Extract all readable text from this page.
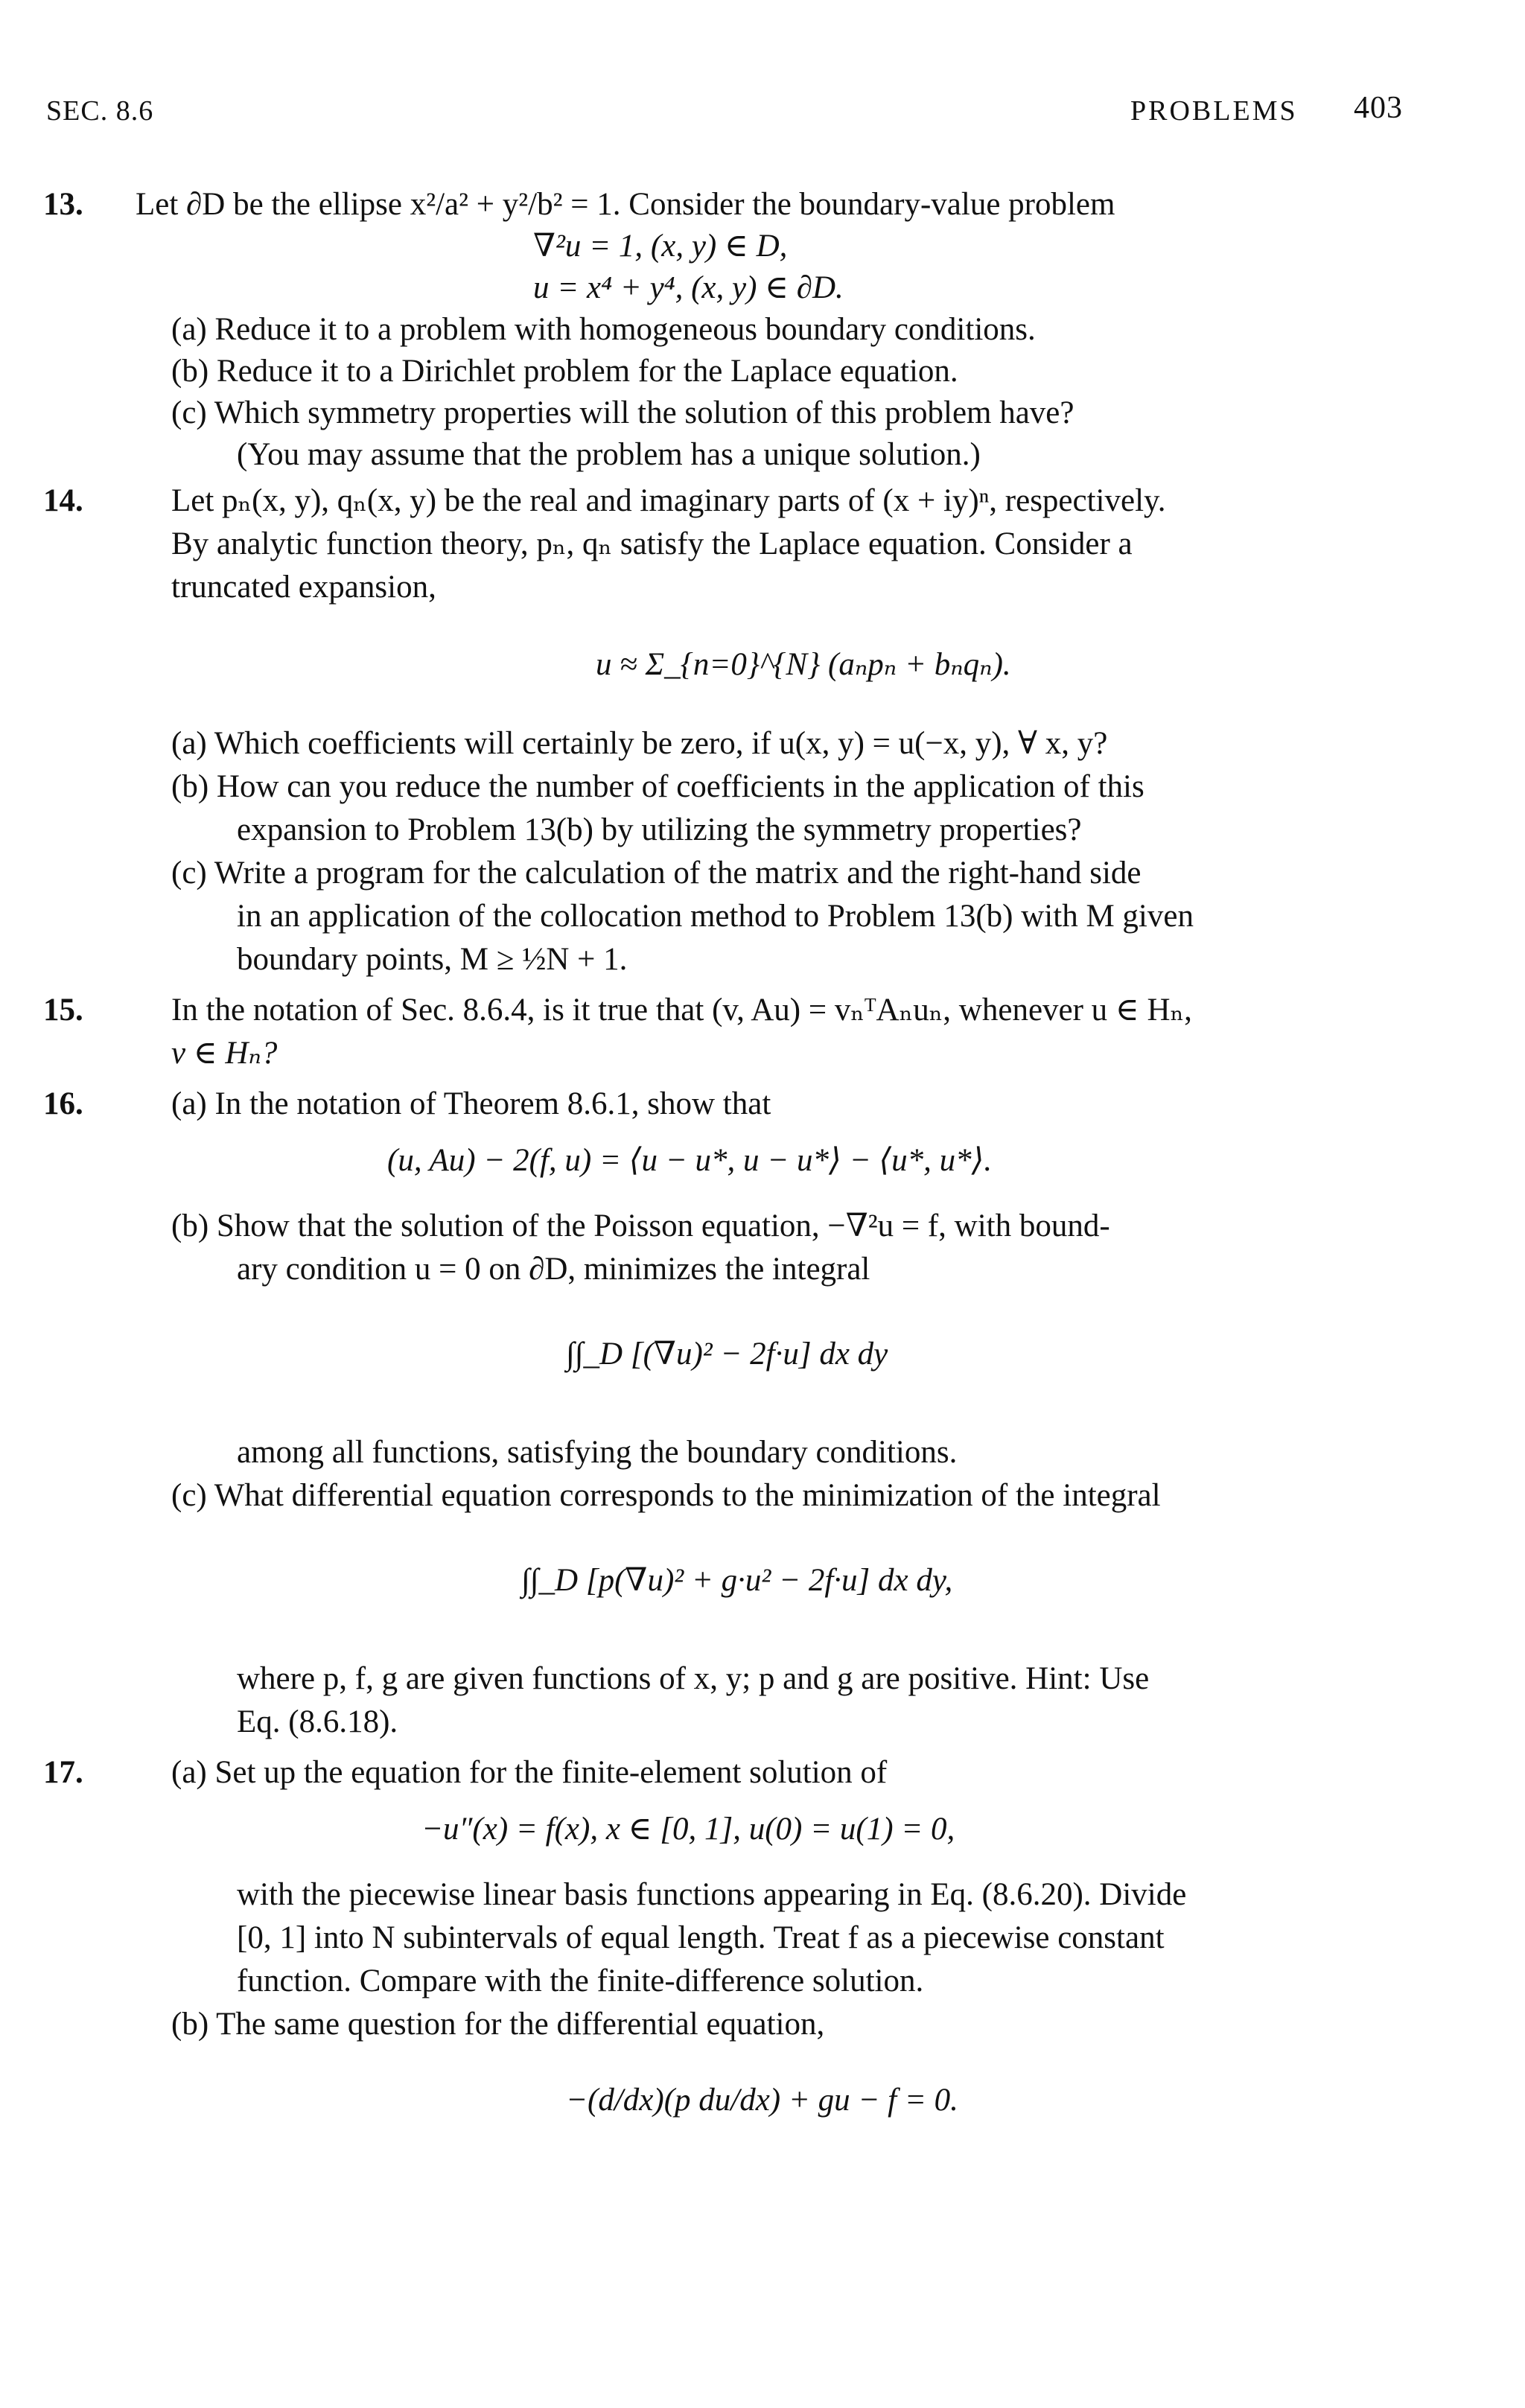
SEC. 8.6	PROBLEMS 403
13. Let ∂D be the ellipse x²/a² + y²/b² = 1. Consider the boundary-value problem
∇²u = 1, (x, y) ∈ D,
u = x⁴ + y⁴, (x, y) ∈ ∂D.
(a) Reduce it to a problem with homogeneous boundary conditions.
(b) Reduce it to a Dirichlet problem for the Laplace equation.
(c) Which symmetry properties will the solution of this problem have?
(You may assume that the problem has a unique solution.)
14.	Let pₙ(x, y), qₙ(x, y) be the real and imaginary parts of (x + iy)ⁿ, respectively.
By analytic function theory, pₙ, qₙ satisfy the Laplace equation. Consider a
truncated expansion,
u ≈ Σ_{n=0}^{N} (aₙpₙ + bₙqₙ).
(a) Which coefficients will certainly be zero, if u(x, y) = u(−x, y), ∀ x, y?
(b) How can you reduce the number of coefficients in the application of this
expansion to Problem 13(b) by utilizing the symmetry properties?
(c) Write a program for the calculation of the matrix and the right-hand side
in an application of the collocation method to Problem 13(b) with M given
boundary points, M ≥ ½N + 1.
15.	In the notation of Sec. 8.6.4, is it true that (v, Au) = vₙᵀAₙuₙ, whenever u ∈ Hₙ,
v ∈ Hₙ?
16.	(a) In the notation of Theorem 8.6.1, show that
(u, Au) − 2(f, u) = ⟨u − u*, u − u*⟩ − ⟨u*, u*⟩.
(b) Show that the solution of the Poisson equation, −∇²u = f, with bound-
ary condition u = 0 on ∂D, minimizes the integral
∫∫_D [(∇u)² − 2f·u] dx dy
among all functions, satisfying the boundary conditions.
(c) What differential equation corresponds to the minimization of the integral
∫∫_D [p(∇u)² + g·u² − 2f·u] dx dy,
where p, f, g are given functions of x, y; p and g are positive. Hint: Use
Eq. (8.6.18).
17.	(a) Set up the equation for the finite-element solution of
−u″(x) = f(x), x ∈ [0, 1], u(0) = u(1) = 0,
with the piecewise linear basis functions appearing in Eq. (8.6.20). Divide
[0, 1] into N subintervals of equal length. Treat f as a piecewise constant
function. Compare with the finite-difference solution.
(b) The same question for the differential equation,
−(d/dx)(p du/dx) + gu − f = 0.
